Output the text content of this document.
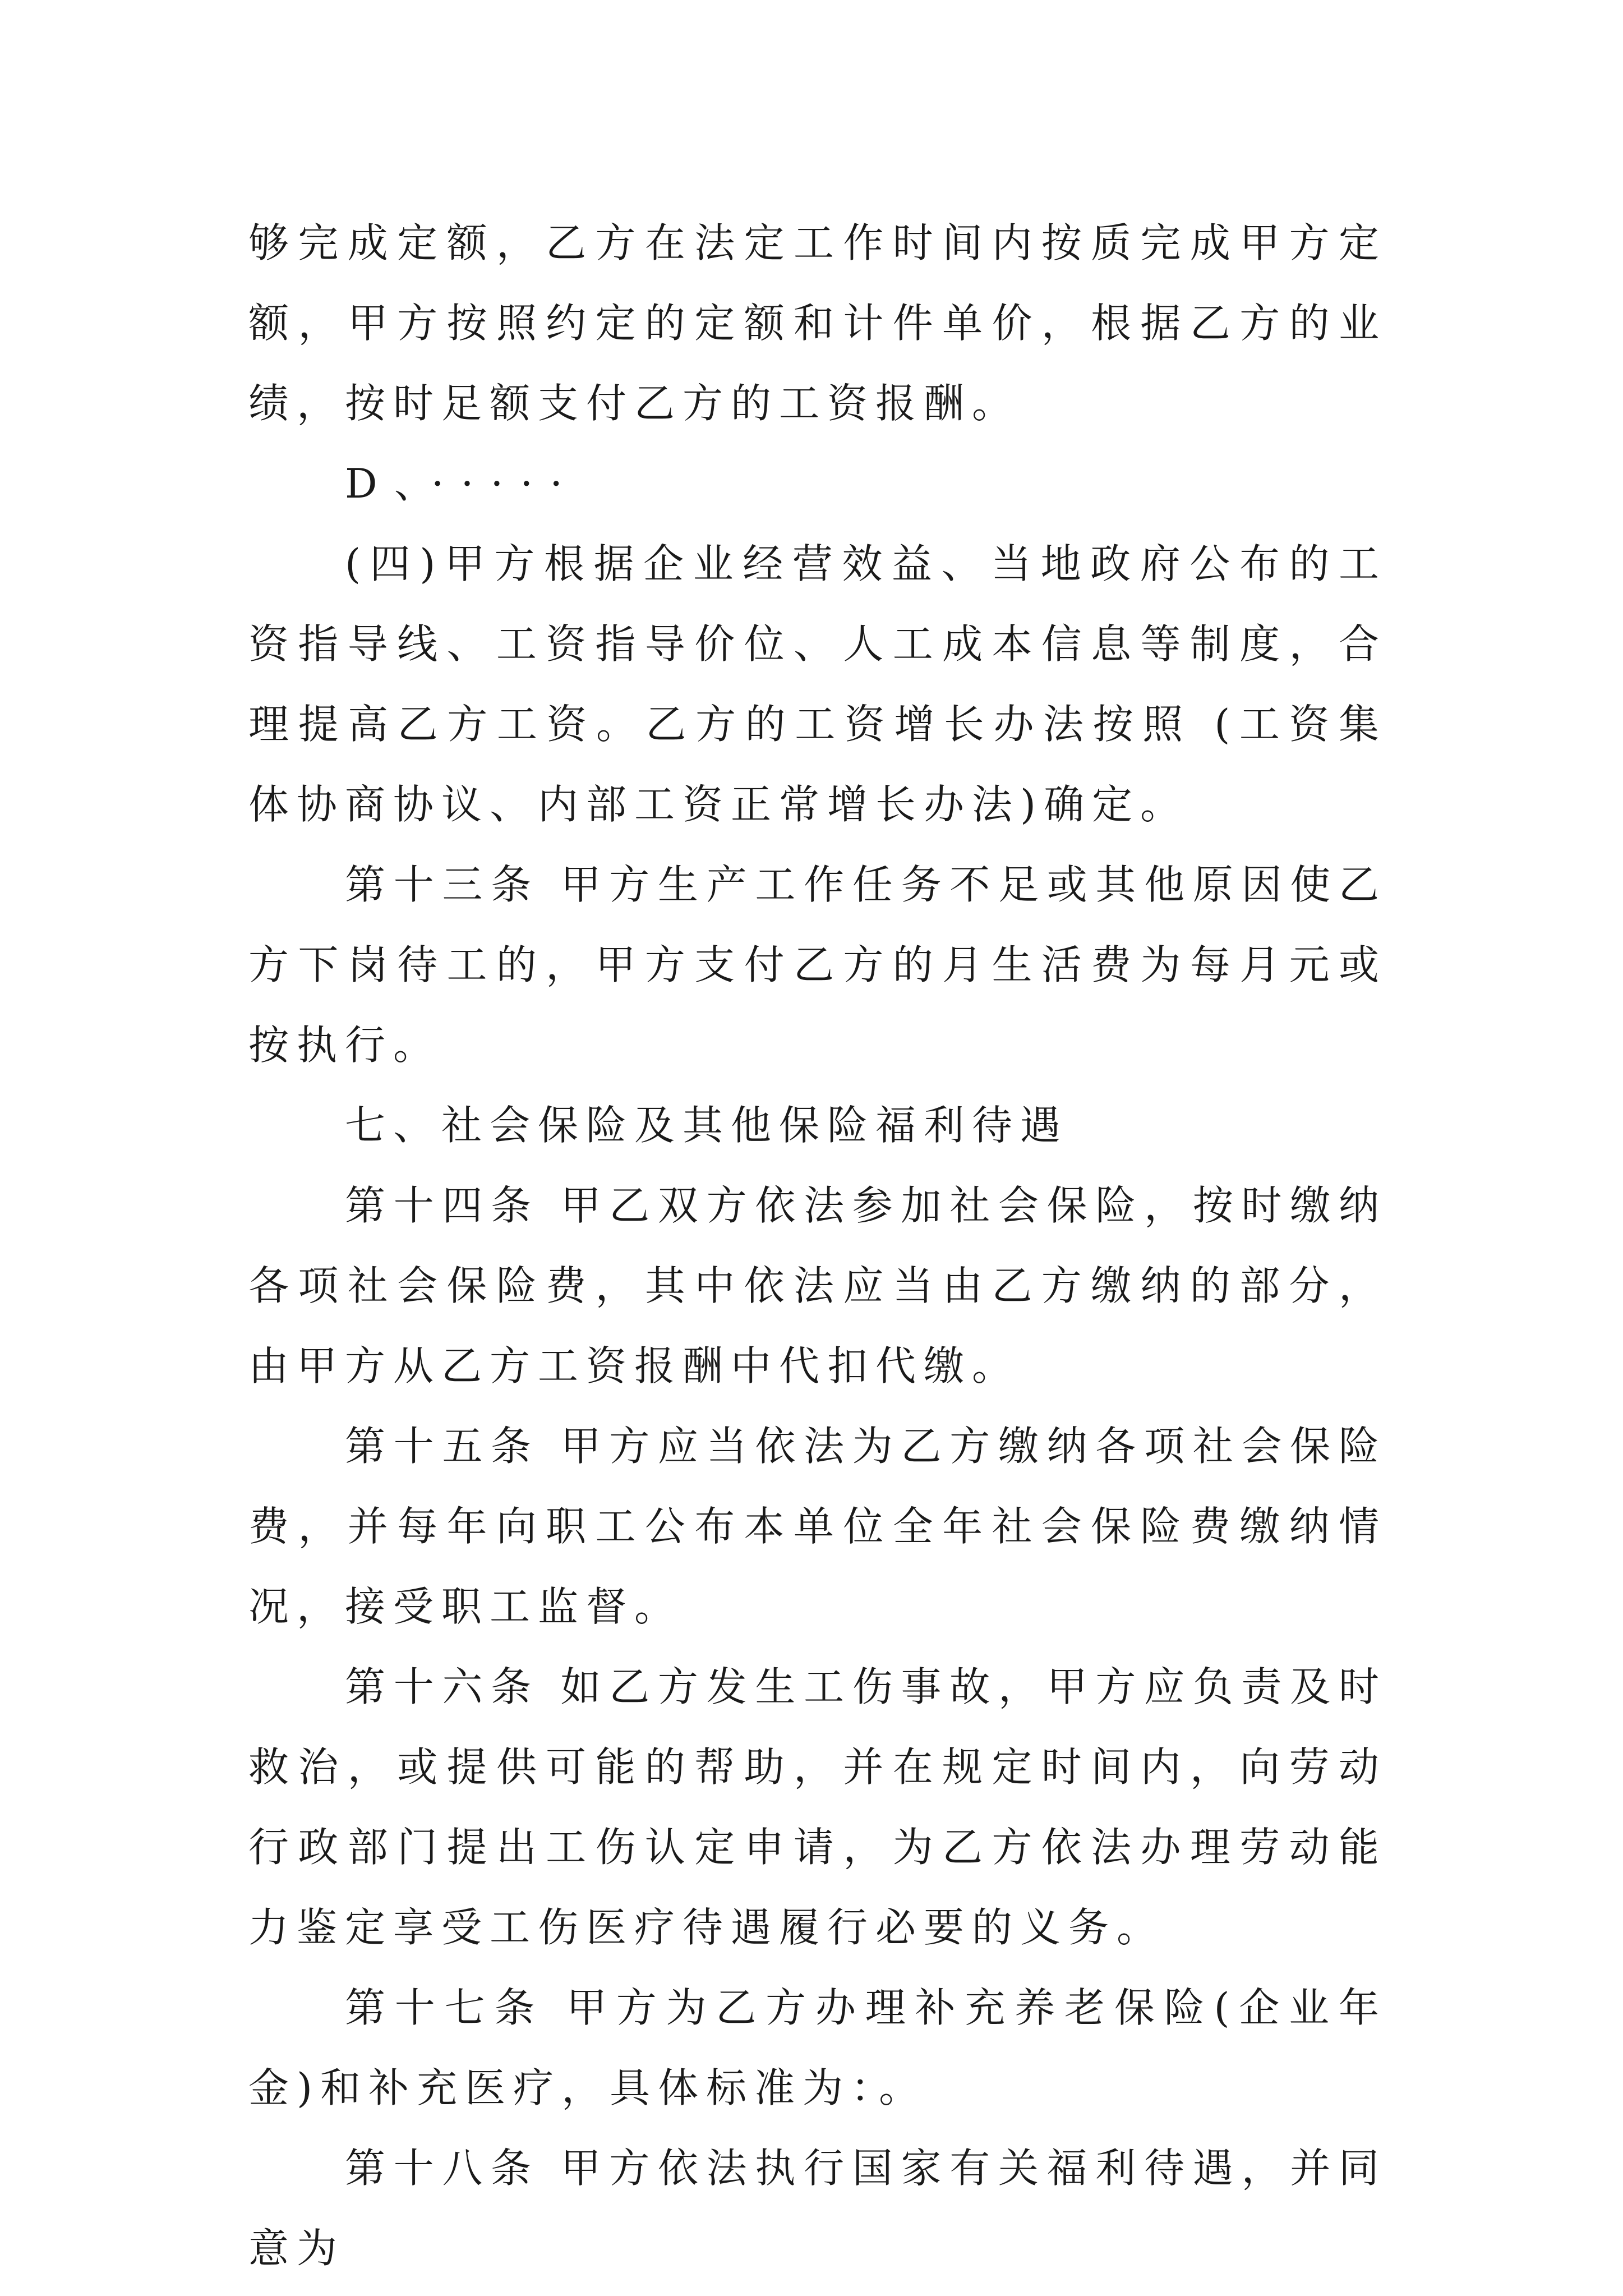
够完成定额，乙方在法定工作时间内按质完成甲方定额，甲方按照约定的定额和计件单价，根据乙方的业绩，按时足额支付乙方的工资报酬。

D、·····

(四)甲方根据企业经营效益、当地政府公布的工资指导线、工资指导价位、人工成本信息等制度，合理提高乙方工资。乙方的工资增长办法按照 (工资集体协商协议、内部工资正常增长办法)确定。

第十三条 甲方生产工作任务不足或其他原因使乙方下岗待工的，甲方支付乙方的月生活费为每月元或按执行。

七、社会保险及其他保险福利待遇

第十四条 甲乙双方依法参加社会保险，按时缴纳各项社会保险费，其中依法应当由乙方缴纳的部分，由甲方从乙方工资报酬中代扣代缴。

第十五条 甲方应当依法为乙方缴纳各项社会保险费，并每年向职工公布本单位全年社会保险费缴纳情况，接受职工监督。

第十六条 如乙方发生工伤事故，甲方应负责及时救治，或提供可能的帮助，并在规定时间内，向劳动行政部门提出工伤认定申请，为乙方依法办理劳动能力鉴定享受工伤医疗待遇履行必要的义务。

第十七条 甲方为乙方办理补充养老保险(企业年金)和补充医疗，具体标准为：。

第十八条 甲方依法执行国家有关福利待遇，并同意为
